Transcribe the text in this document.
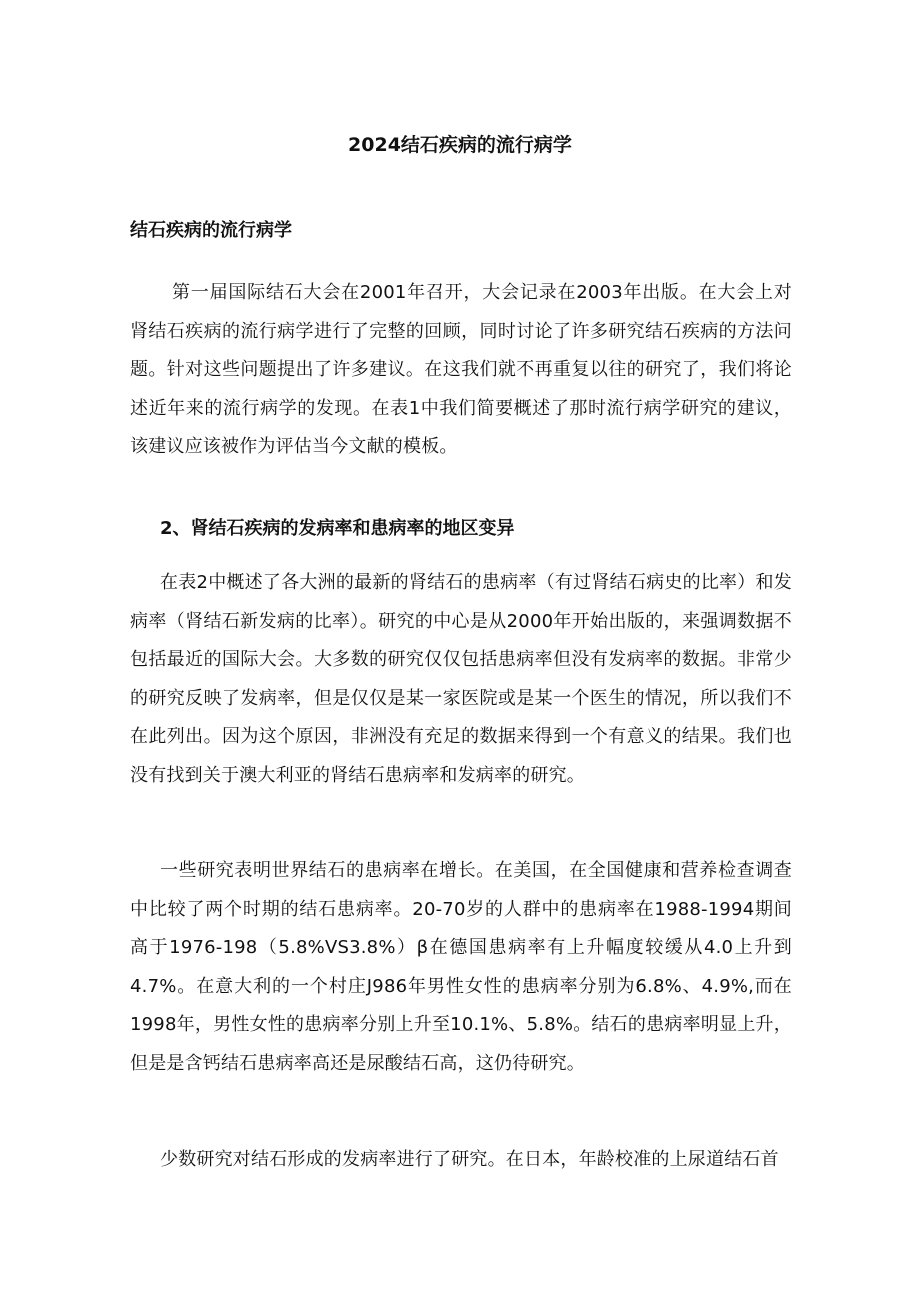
2024结石疾病的流行病学
结石疾病的流行病学

第一届国际结石大会在2001年召开，大会记录在2003年出版。在大会上对肾结石疾病的流行病学进行了完整的回顾，同时讨论了许多研究结石疾病的方法问题。针对这些问题提出了许多建议。在这我们就不再重复以往的研究了，我们将论述近年来的流行病学的发现。在表1中我们简要概述了那时流行病学研究的建议，该建议应该被作为评估当今文献的模板。

2、肾结石疾病的发病率和患病率的地区变异

在表2中概述了各大洲的最新的肾结石的患病率（有过肾结石病史的比率）和发病率（肾结石新发病的比率）。研究的中心是从2000年开始出版的，来强调数据不包括最近的国际大会。大多数的研究仅仅包括患病率但没有发病率的数据。非常少的研究反映了发病率，但是仅仅是某一家医院或是某一个医生的情况，所以我们不在此列出。因为这个原因，非洲没有充足的数据来得到一个有意义的结果。我们也没有找到关于澳大利亚的肾结石患病率和发病率的研究。

一些研究表明世界结石的患病率在增长。在美国，在全国健康和营养检查调查中比较了两个时期的结石患病率。20-70岁的人群中的患病率在1988-1994期间高于1976-198（5.8%VS3.8%）β在德国患病率有上升幅度较缓从4.0上升到4.7%。在意大利的一个村庄J986年男性女性的患病率分别为6.8%、4.9%,而在1998年，男性女性的患病率分别上升至10.1%、5.8%。结石的患病率明显上升，但是是含钙结石患病率高还是尿酸结石高，这仍待研究。

少数研究对结石形成的发病率进行了研究。在日本，年龄校准的上尿道结石首
